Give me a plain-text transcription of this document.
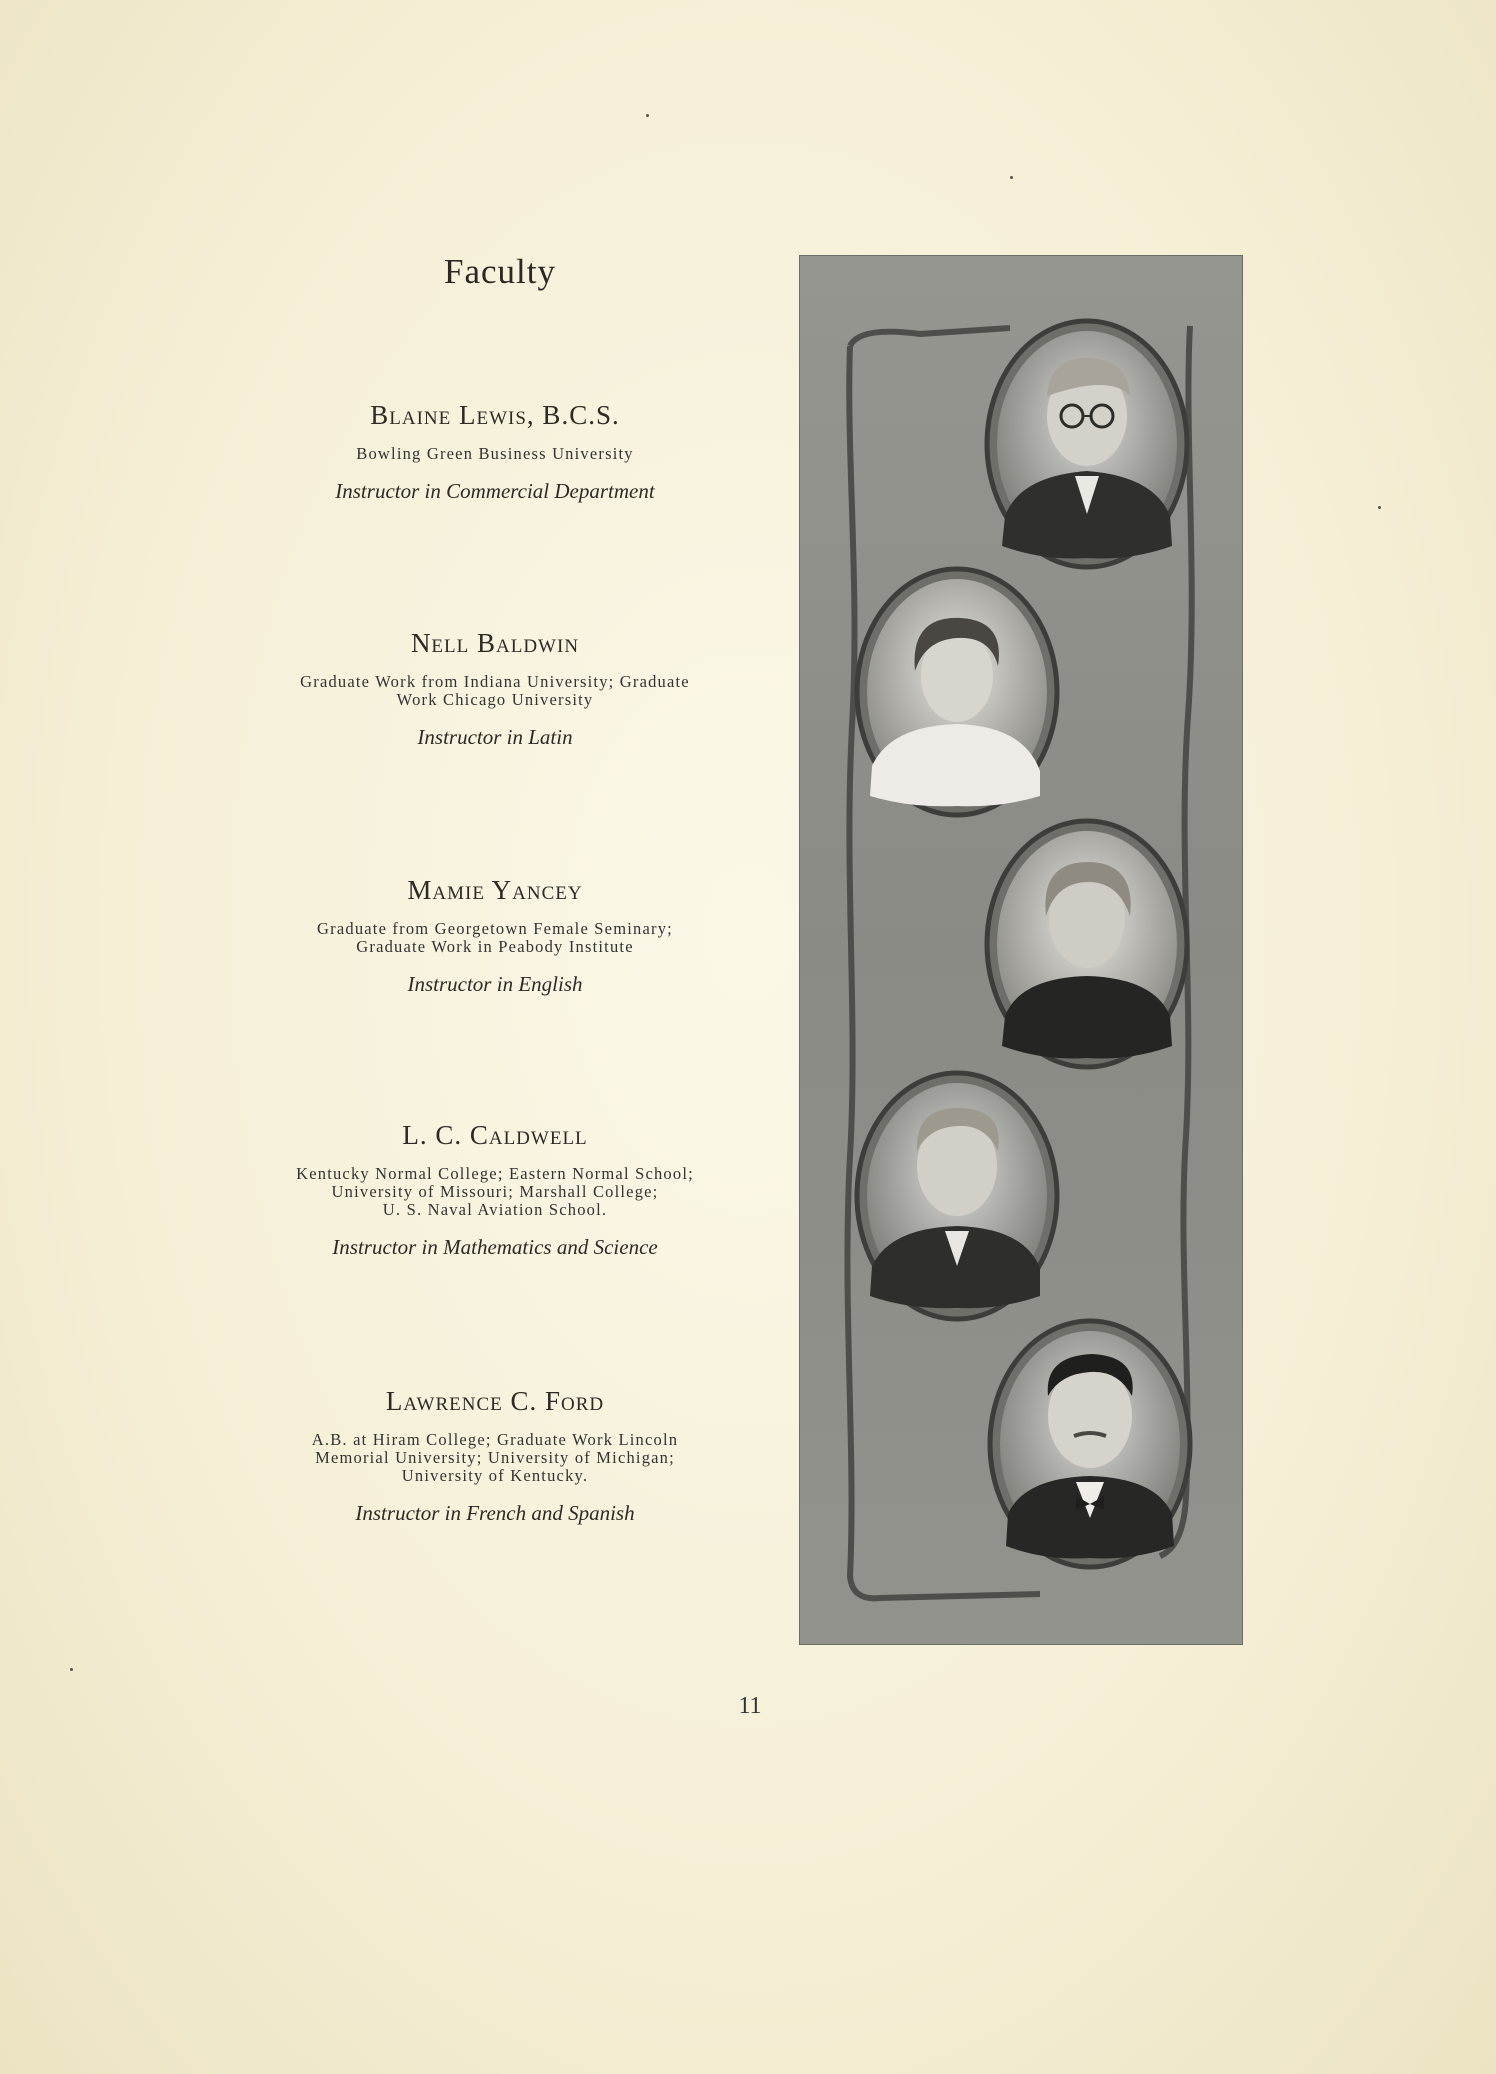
Faculty
Blaine Lewis, B.C.S.
Bowling Green Business University
Instructor in Commercial Department
Nell Baldwin
Graduate Work from Indiana University; Graduate
Work Chicago University
Instructor in Latin
Mamie Yancey
Graduate from Georgetown Female Seminary;
Graduate Work in Peabody Institute
Instructor in English
L. C. Caldwell
Kentucky Normal College; Eastern Normal School;
University of Missouri; Marshall College;
U. S. Naval Aviation School.
Instructor in Mathematics and Science
Lawrence C. Ford
A.B. at Hiram College; Graduate Work Lincoln
Memorial University; University of Michigan;
University of Kentucky.
Instructor in French and Spanish
11
